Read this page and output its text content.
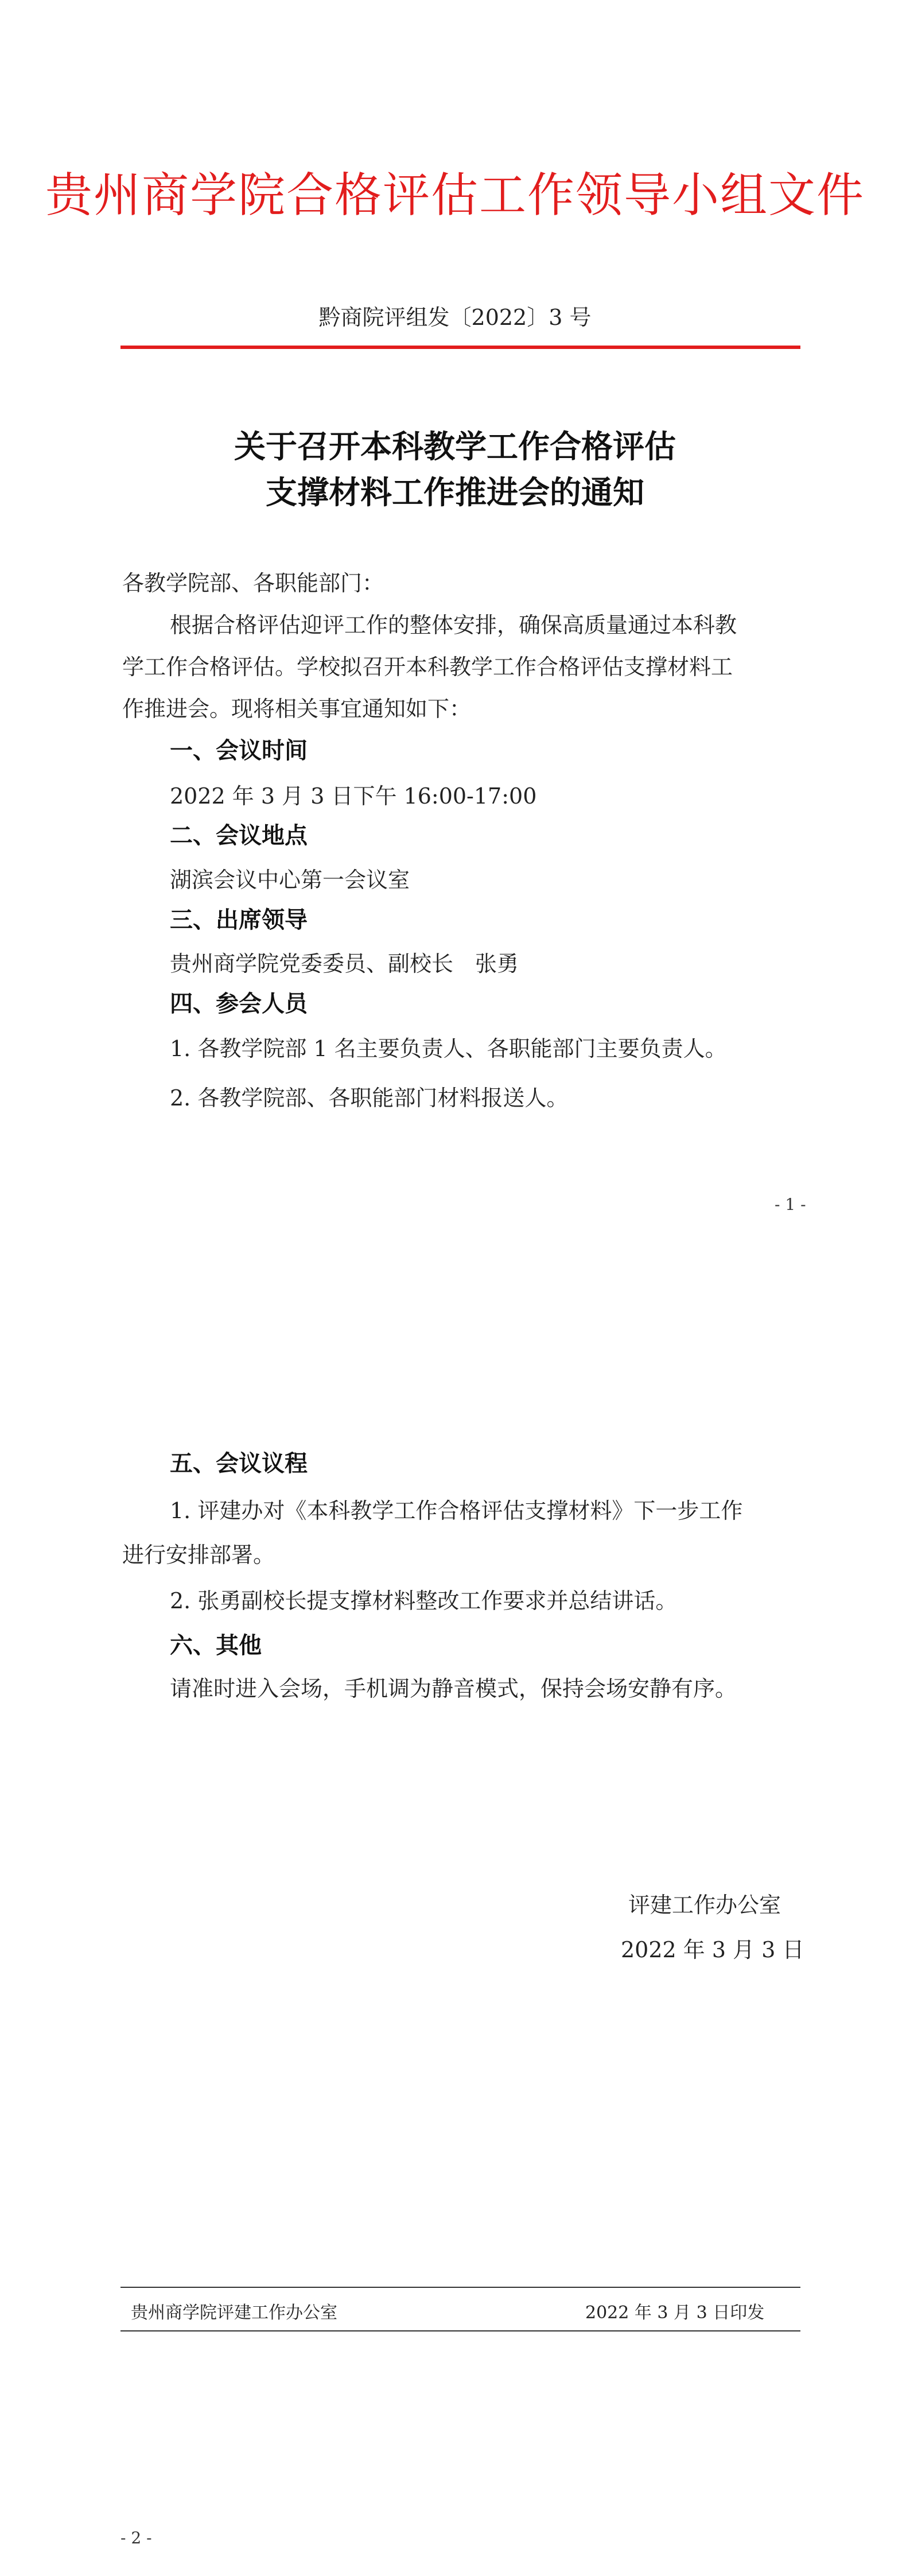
贵州商学院合格评估工作领导小组文件
黔商院评组发〔2022〕3 号
关于召开本科教学工作合格评估
支撑材料工作推进会的通知
各教学院部、各职能部门：
根据合格评估迎评工作的整体安排，确保高质量通过本科教
学工作合格评估。学校拟召开本科教学工作合格评估支撑材料工
作推进会。现将相关事宜通知如下：
一、会议时间
2022 年 3 月 3 日下午 16:00-17:00
二、会议地点
湖滨会议中心第一会议室
三、出席领导
贵州商学院党委委员、副校长　张勇
四、参会人员
1. 各教学院部 1 名主要负责人、各职能部门主要负责人。
2. 各教学院部、各职能部门材料报送人。
- 1 -
五、会议议程
1. 评建办对《本科教学工作合格评估支撑材料》下一步工作
进行安排部署。
2. 张勇副校长提支撑材料整改工作要求并总结讲话。
六、其他
请准时进入会场，手机调为静音模式，保持会场安静有序。
评建工作办公室
2022 年 3 月 3 日
贵州商学院评建工作办公室	2022 年 3 月 3 日印发
- 2 -
